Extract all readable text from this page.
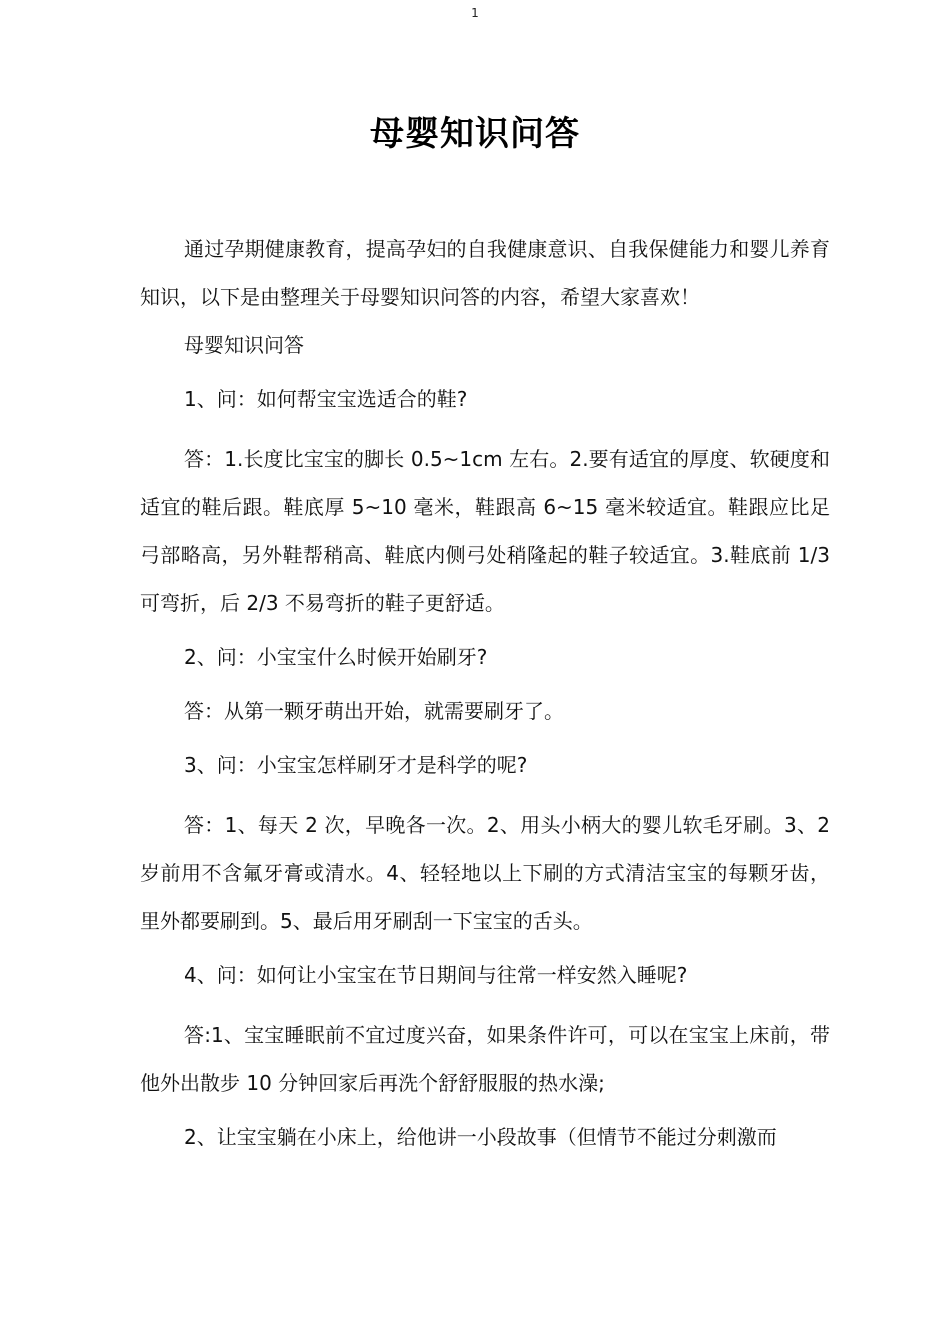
1
母婴知识问答

通过孕期健康教育，提高孕妇的自我健康意识、自我保健能力和婴儿养育知识，以下是由整理关于母婴知识问答的内容，希望大家喜欢！

母婴知识问答

1、问：如何帮宝宝选适合的鞋?

答：1.长度比宝宝的脚长 0.5~1cm 左右。2.要有适宜的厚度、软硬度和适宜的鞋后跟。鞋底厚 5~10 毫米，鞋跟高 6~15 毫米较适宜。鞋跟应比足弓部略高，另外鞋帮稍高、鞋底内侧弓处稍隆起的鞋子较适宜。3.鞋底前 1/3 可弯折，后 2/3 不易弯折的鞋子更舒适。

2、问：小宝宝什么时候开始刷牙?

答：从第一颗牙萌出开始，就需要刷牙了。

3、问：小宝宝怎样刷牙才是科学的呢?

答：1、每天 2 次，早晚各一次。2、用头小柄大的婴儿软毛牙刷。3、2 岁前用不含氟牙膏或清水。4、轻轻地以上下刷的方式清洁宝宝的每颗牙齿，里外都要刷到。5、最后用牙刷刮一下宝宝的舌头。

4、问：如何让小宝宝在节日期间与往常一样安然入睡呢?

答:1、宝宝睡眠前不宜过度兴奋，如果条件许可，可以在宝宝上床前，带他外出散步 10 分钟回家后再洗个舒舒服服的热水澡;

2、让宝宝躺在小床上，给他讲一小段故事（但情节不能过分刺激而
